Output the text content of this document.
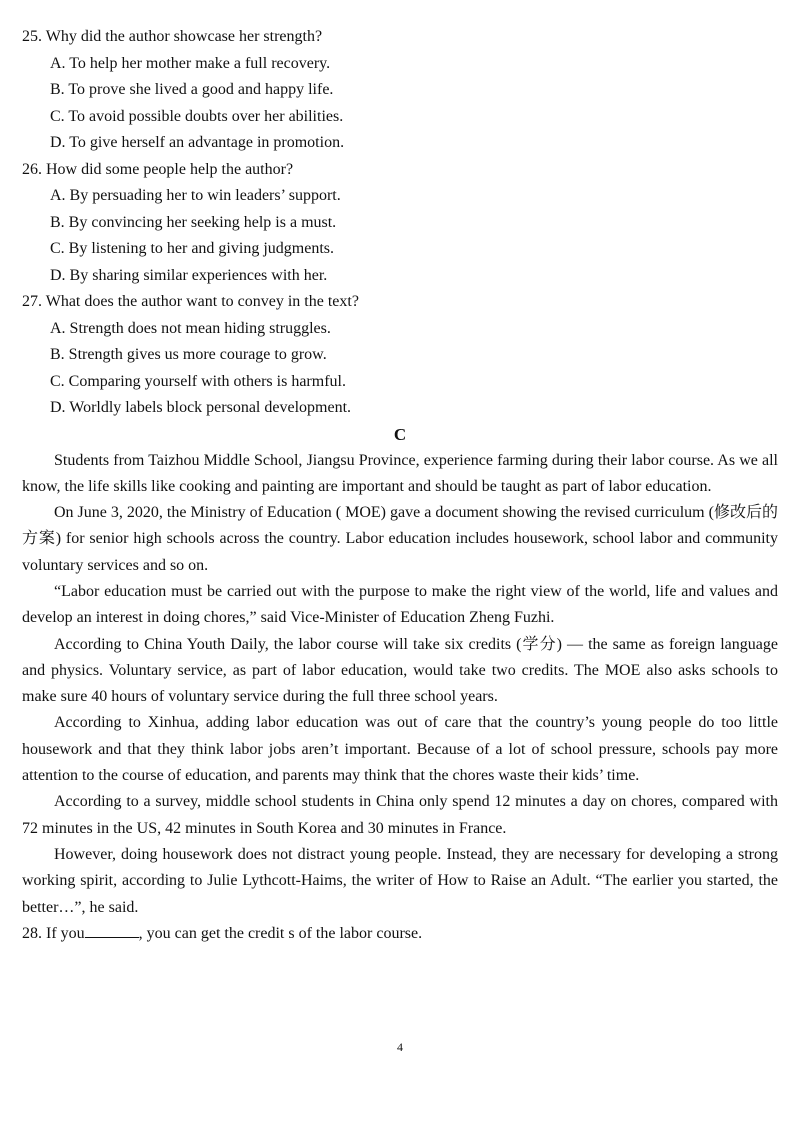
25. Why did the author showcase her strength?

A. To help her mother make a full recovery.

B. To prove she lived a good and happy life.

C. To avoid possible doubts over her abilities.

D. To give herself an advantage in promotion.

26. How did some people help the author?

A. By persuading her to win leaders’ support.

B. By convincing her seeking help is a must.

C. By listening to her and giving judgments.

D. By sharing similar experiences with her.

27. What does the author want to convey in the text?

A. Strength does not mean hiding struggles.

B. Strength gives us more courage to grow.

C. Comparing yourself with others is harmful.

D. Worldly labels block personal development.

C

Students from Taizhou Middle School, Jiangsu Province, experience farming during their labor course. As we all know, the life skills like cooking and painting are important and should be taught as part of labor education.

On June 3, 2020, the Ministry of Education ( MOE) gave a document showing the revised curriculum (修改后的方案) for senior high schools across the country. Labor education includes housework, school labor and community voluntary services and so on.

“Labor education must be carried out with the purpose to make the right view of the world, life and values and develop an interest in doing chores,” said Vice-Minister of Education Zheng Fuzhi.

According to China Youth Daily, the labor course will take six credits (学分) — the same as foreign language and physics. Voluntary service, as part of labor education, would take two credits. The MOE also asks schools to make sure 40 hours of voluntary service during the full three school years.

According to Xinhua, adding labor education was out of care that the country’s young people do too little housework and that they think labor jobs aren’t important. Because of a lot of school pressure, schools pay more attention to the course of education, and parents may think that the chores waste their kids’ time.

According to a survey, middle school students in China only spend 12 minutes a day on chores, compared with 72 minutes in the US, 42 minutes in South Korea and 30 minutes in France.

However, doing housework does not distract young people. Instead, they are necessary for developing a strong working spirit, according to Julie Lythcott-Haims, the writer of How to Raise an Adult. “The earlier you started, the better…”, he said.

28. If you	, you can get the credit s of the labor course.

4
